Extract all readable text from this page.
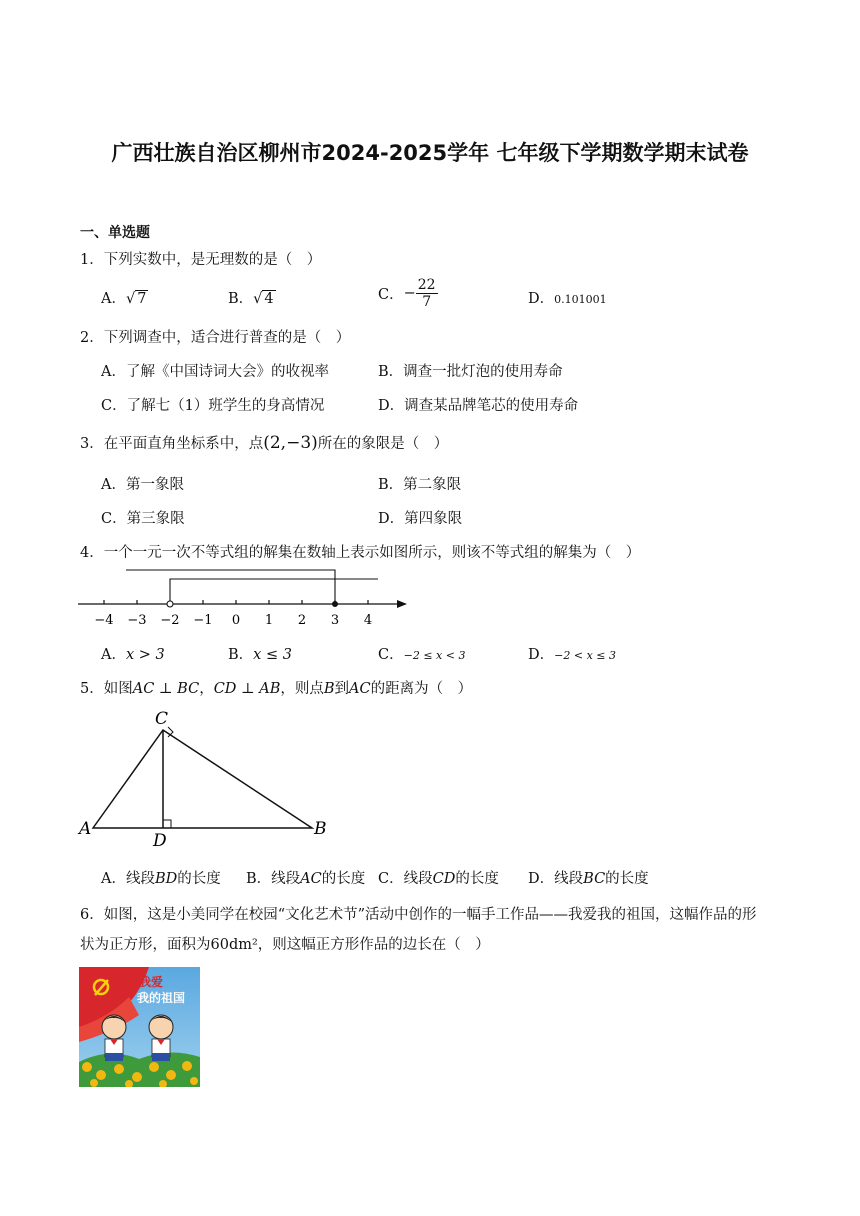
广西壮族自治区柳州市2024-2025学年 七年级下学期数学期末试卷
一、单选题
1．下列实数中，是无理数的是（　）
A．√ 7	B．√ 4	C．− $\frac{22}{7}$	D．0.101001
2．下列调查中，适合进行普查的是（　）
A．了解《中国诗词大会》的收视率	B．调查一批灯泡的使用寿命
C．了解七（1）班学生的身高情况	D．调查某品牌笔芯的使用寿命
3．在平面直角坐标系中，点(2,−3)所在的象限是（　）
A．第一象限	B．第二象限
C．第三象限	D．第四象限
4．一个一元一次不等式组的解集在数轴上表示如图所示，则该不等式组的解集为（　）
−4 −3 −2 −1 0 1 2 3 4
A．x > 3	B．x ≤ 3	C．−2 ≤ x < 3	D．−2 < x ≤ 3
5．如图AC ⊥ BC，CD ⊥ AB，则点B到AC的距离为（　）
A	B
C
D
A．线段BD的长度 B．线段AC的长度 C．线段CD的长度 D．线段BC的长度
6．如图，这是小美同学在校园“文化艺术节”活动中创作的一幅手工作品——我爱我的祖国，这幅作品的形
状为正方形，面积为60dm²，则这幅正方形作品的边长在（　）
我爱
我的祖国
